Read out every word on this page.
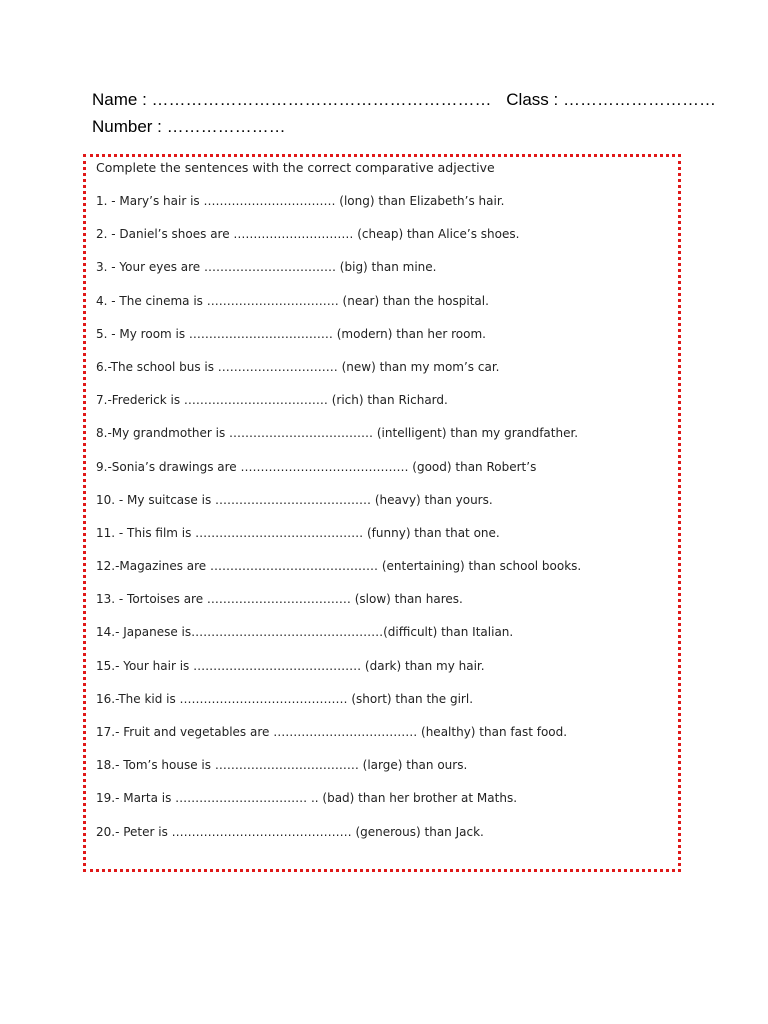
Name : …………………………………………………… Class : ………………………
Number : …………………
Complete the sentences with the correct comparative adjective
1. - Mary’s hair is …………………………… (long) than Elizabeth’s hair.
2. - Daniel’s shoes are ………………………… (cheap) than Alice’s shoes.
3. - Your eyes are …………………………… (big) than mine.
4. - The cinema is …………………………… (near) than the hospital.
5. - My room is ……………………………… (modern) than her room.
6.-The school bus is ………………………… (new) than my mom’s car.
7.-Frederick is ……………………………… (rich) than Richard.
8.-My grandmother is ……………………………… (intelligent) than my grandfather.
9.-Sonia’s drawings are …………………………………… (good) than Robert’s
10. - My suitcase is ………………………………… (heavy) than yours.
11. - This film is …………………………………… (funny) than that one.
12.-Magazines are …………………………………… (entertaining) than school books.
13. - Tortoises are ……………………………… (slow) than hares.
14.- Japanese is…………………………………………(difficult) than Italian.
15.- Your hair is …………………………………… (dark) than my hair.
16.-The kid is …………………………………… (short) than the girl.
17.- Fruit and vegetables are ……………………………… (healthy) than fast food.
18.- Tom’s house is ……………………………… (large) than ours.
19.- Marta is …………………………… .. (bad) than her brother at Maths.
20.- Peter is ……………………………………… (generous) than Jack.
